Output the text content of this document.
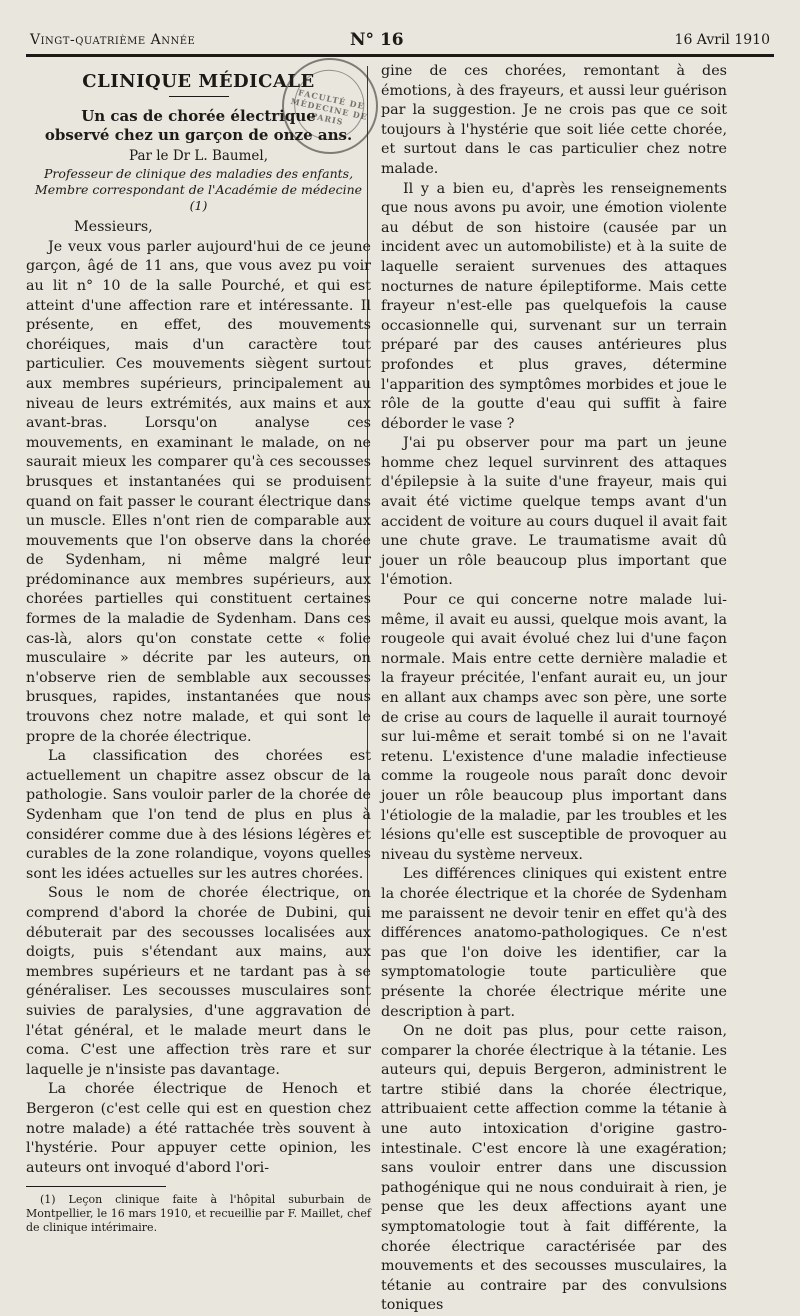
Vingt-quatrième Année	N° 16	16 Avril 1910

CLINIQUE MÉDICALE

Un cas de chorée électrique

observé chez un garçon de onze ans.

Par le Dr L. Baumel,

Professeur de clinique des maladies des enfants,

Membre correspondant de l'Académie de médecine (1)

Messieurs,

Je veux vous parler aujourd'hui de ce jeune garçon, âgé de 11 ans, que vous avez pu voir au lit n° 10 de la salle Pourché, et qui est atteint d'une affection rare et intéressante. Il présente, en effet, des mouvements choréiques, mais d'un caractère tout particulier. Ces mouvements siègent surtout aux membres supérieurs, principalement au niveau de leurs extrémités, aux mains et aux avant-bras. Lorsqu'on analyse ces mouvements, en examinant le malade, on ne saurait mieux les comparer qu'à ces secousses brusques et instantanées qui se produisent quand on fait passer le courant électrique dans un muscle. Elles n'ont rien de comparable aux mouvements que l'on observe dans la chorée de Sydenham, ni même malgré leur prédominance aux membres supérieurs, aux chorées partielles qui constituent certaines formes de la maladie de Sydenham. Dans ces cas-là, alors qu'on constate cette « folie musculaire » décrite par les auteurs, on n'observe rien de semblable aux secousses brusques, rapides, instantanées que nous trouvons chez notre malade, et qui sont le propre de la chorée électrique.

La classification des chorées est actuellement un chapitre assez obscur de la pathologie. Sans vouloir parler de la chorée de Sydenham que l'on tend de plus en plus à considérer comme due à des lésions légères et curables de la zone rolandique, voyons quelles sont les idées actuelles sur les autres chorées.

Sous le nom de chorée électrique, on comprend d'abord la chorée de Dubini, qui débuterait par des secousses localisées aux doigts, puis s'étendant aux mains, aux membres supérieurs et ne tardant pas à se généraliser. Les secousses musculaires sont suivies de paralysies, d'une aggravation de l'état général, et le malade meurt dans le coma. C'est une affection très rare et sur laquelle je n'insiste pas davantage.

La chorée électrique de Henoch et Bergeron (c'est celle qui est en question chez notre malade) a été rattachée très souvent à l'hystérie. Pour appuyer cette opinion, les auteurs ont invoqué d'abord l'ori-

(1) Leçon clinique faite à l'hôpital suburbain de Montpellier, le 16 mars 1910, et recueillie par F. Maillet, chef de clinique intérimaire.

gine de ces chorées, remontant à des émotions, à des frayeurs, et aussi leur guérison par la suggestion. Je ne crois pas que ce soit toujours à l'hystérie que soit liée cette chorée, et surtout dans le cas particulier chez notre malade.

Il y a bien eu, d'après les renseignements que nous avons pu avoir, une émotion violente au début de son histoire (causée par un incident avec un automobiliste) et à la suite de laquelle seraient survenues des attaques nocturnes de nature épileptiforme. Mais cette frayeur n'est-elle pas quelquefois la cause occasionnelle qui, survenant sur un terrain préparé par des causes antérieures plus profondes et plus graves, détermine l'apparition des symptômes morbides et joue le rôle de la goutte d'eau qui suffit à faire déborder le vase ?

J'ai pu observer pour ma part un jeune homme chez lequel survinrent des attaques d'épilepsie à la suite d'une frayeur, mais qui avait été victime quelque temps avant d'un accident de voiture au cours duquel il avait fait une chute grave. Le traumatisme avait dû jouer un rôle beaucoup plus important que l'émotion.

Pour ce qui concerne notre malade lui-même, il avait eu aussi, quelque mois avant, la rougeole qui avait évolué chez lui d'une façon normale. Mais entre cette dernière maladie et la frayeur précitée, l'enfant aurait eu, un jour en allant aux champs avec son père, une sorte de crise au cours de laquelle il aurait tournoyé sur lui-même et serait tombé si on ne l'avait retenu. L'existence d'une maladie infectieuse comme la rougeole nous paraît donc devoir jouer un rôle beaucoup plus important dans l'étiologie de la maladie, par les troubles et les lésions qu'elle est susceptible de provoquer au niveau du système nerveux.

Les différences cliniques qui existent entre la chorée électrique et la chorée de Sydenham me paraissent ne devoir tenir en effet qu'à des différences anatomo-pathologiques. Ce n'est pas que l'on doive les identifier, car la symptomatologie toute particulière que présente la chorée électrique mérite une description à part.

On ne doit pas plus, pour cette raison, comparer la chorée électrique à la tétanie. Les auteurs qui, depuis Bergeron, administrent le tartre stibié dans la chorée électrique, attribuaient cette affection comme la tétanie à une auto intoxication d'origine gastro-intestinale. C'est encore là une exagération; sans vouloir entrer dans une discussion pathogénique qui ne nous conduirait à rien, je pense que les deux affections ayant une symptomatologie tout à fait différente, la chorée électrique caractérisée par des mouvements et des secousses musculaires, la tétanie au contraire par des convulsions toniques

FACULTÉ DE MÉDECINE DE PARIS
